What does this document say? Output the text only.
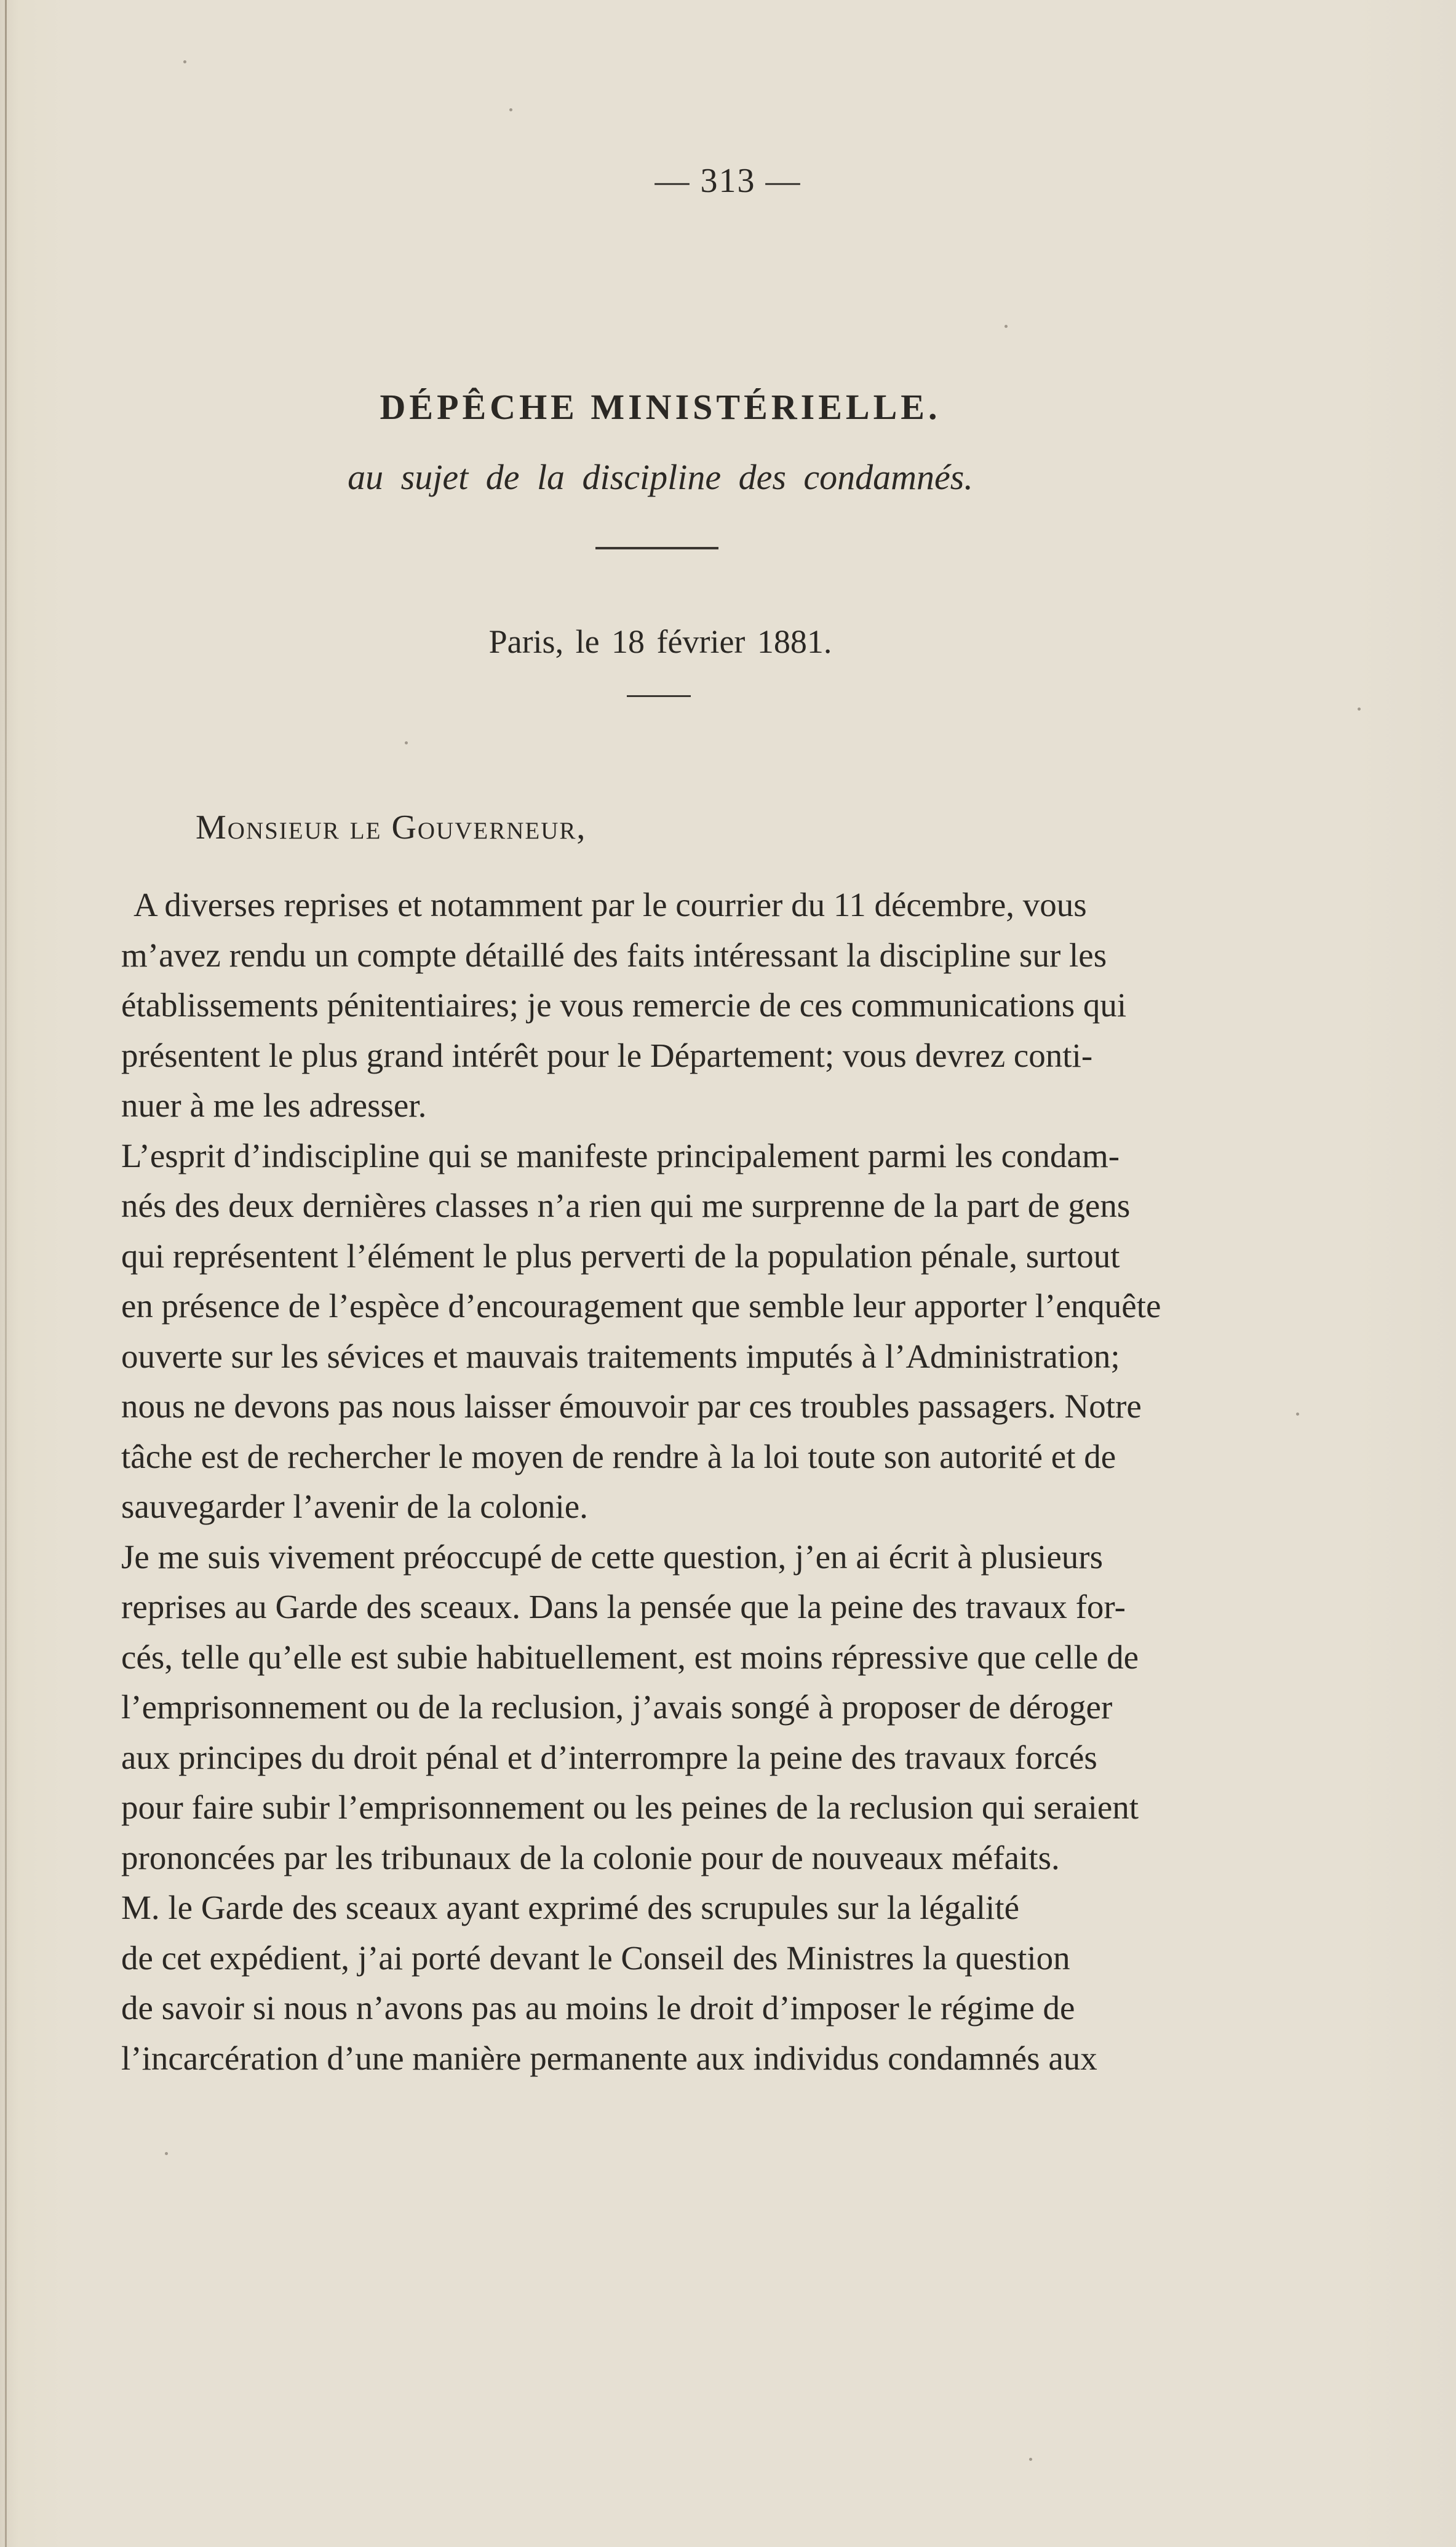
— 313 —
DÉPÊCHE MINISTÉRIELLE.
au sujet de la discipline des condamnés.
Paris, le 18 février 1881.
Monsieur le Gouverneur,

A diverses reprises et notamment par le courrier du 11 décembre, vous

m’avez rendu un compte détaillé des faits intéressant la discipline sur les

établissements pénitentiaires; je vous remercie de ces communications qui

présentent le plus grand intérêt pour le Département; vous devrez conti-

nuer à me les adresser.

L’esprit d’indiscipline qui se manifeste principalement parmi les condam-

nés des deux dernières classes n’a rien qui me surprenne de la part de gens

qui représentent l’élément le plus perverti de la population pénale, surtout

en présence de l’espèce d’encouragement que semble leur apporter l’enquête

ouverte sur les sévices et mauvais traitements imputés à l’Administration;

nous ne devons pas nous laisser émouvoir par ces troubles passagers. Notre

tâche est de rechercher le moyen de rendre à la loi toute son autorité et de

sauvegarder l’avenir de la colonie.

Je me suis vivement préoccupé de cette question, j’en ai écrit à plusieurs

reprises au Garde des sceaux. Dans la pensée que la peine des travaux for-

cés, telle qu’elle est subie habituellement, est moins répressive que celle de

l’emprisonnement ou de la reclusion, j’avais songé à proposer de déroger

aux principes du droit pénal et d’interrompre la peine des travaux forcés

pour faire subir l’emprisonnement ou les peines de la reclusion qui seraient

prononcées par les tribunaux de la colonie pour de nouveaux méfaits.

M. le Garde des sceaux ayant exprimé des scrupules sur la légalité

de cet expédient, j’ai porté devant le Conseil des Ministres la question

de savoir si nous n’avons pas au moins le droit d’imposer le régime de

l’incarcération d’une manière permanente aux individus condamnés aux
